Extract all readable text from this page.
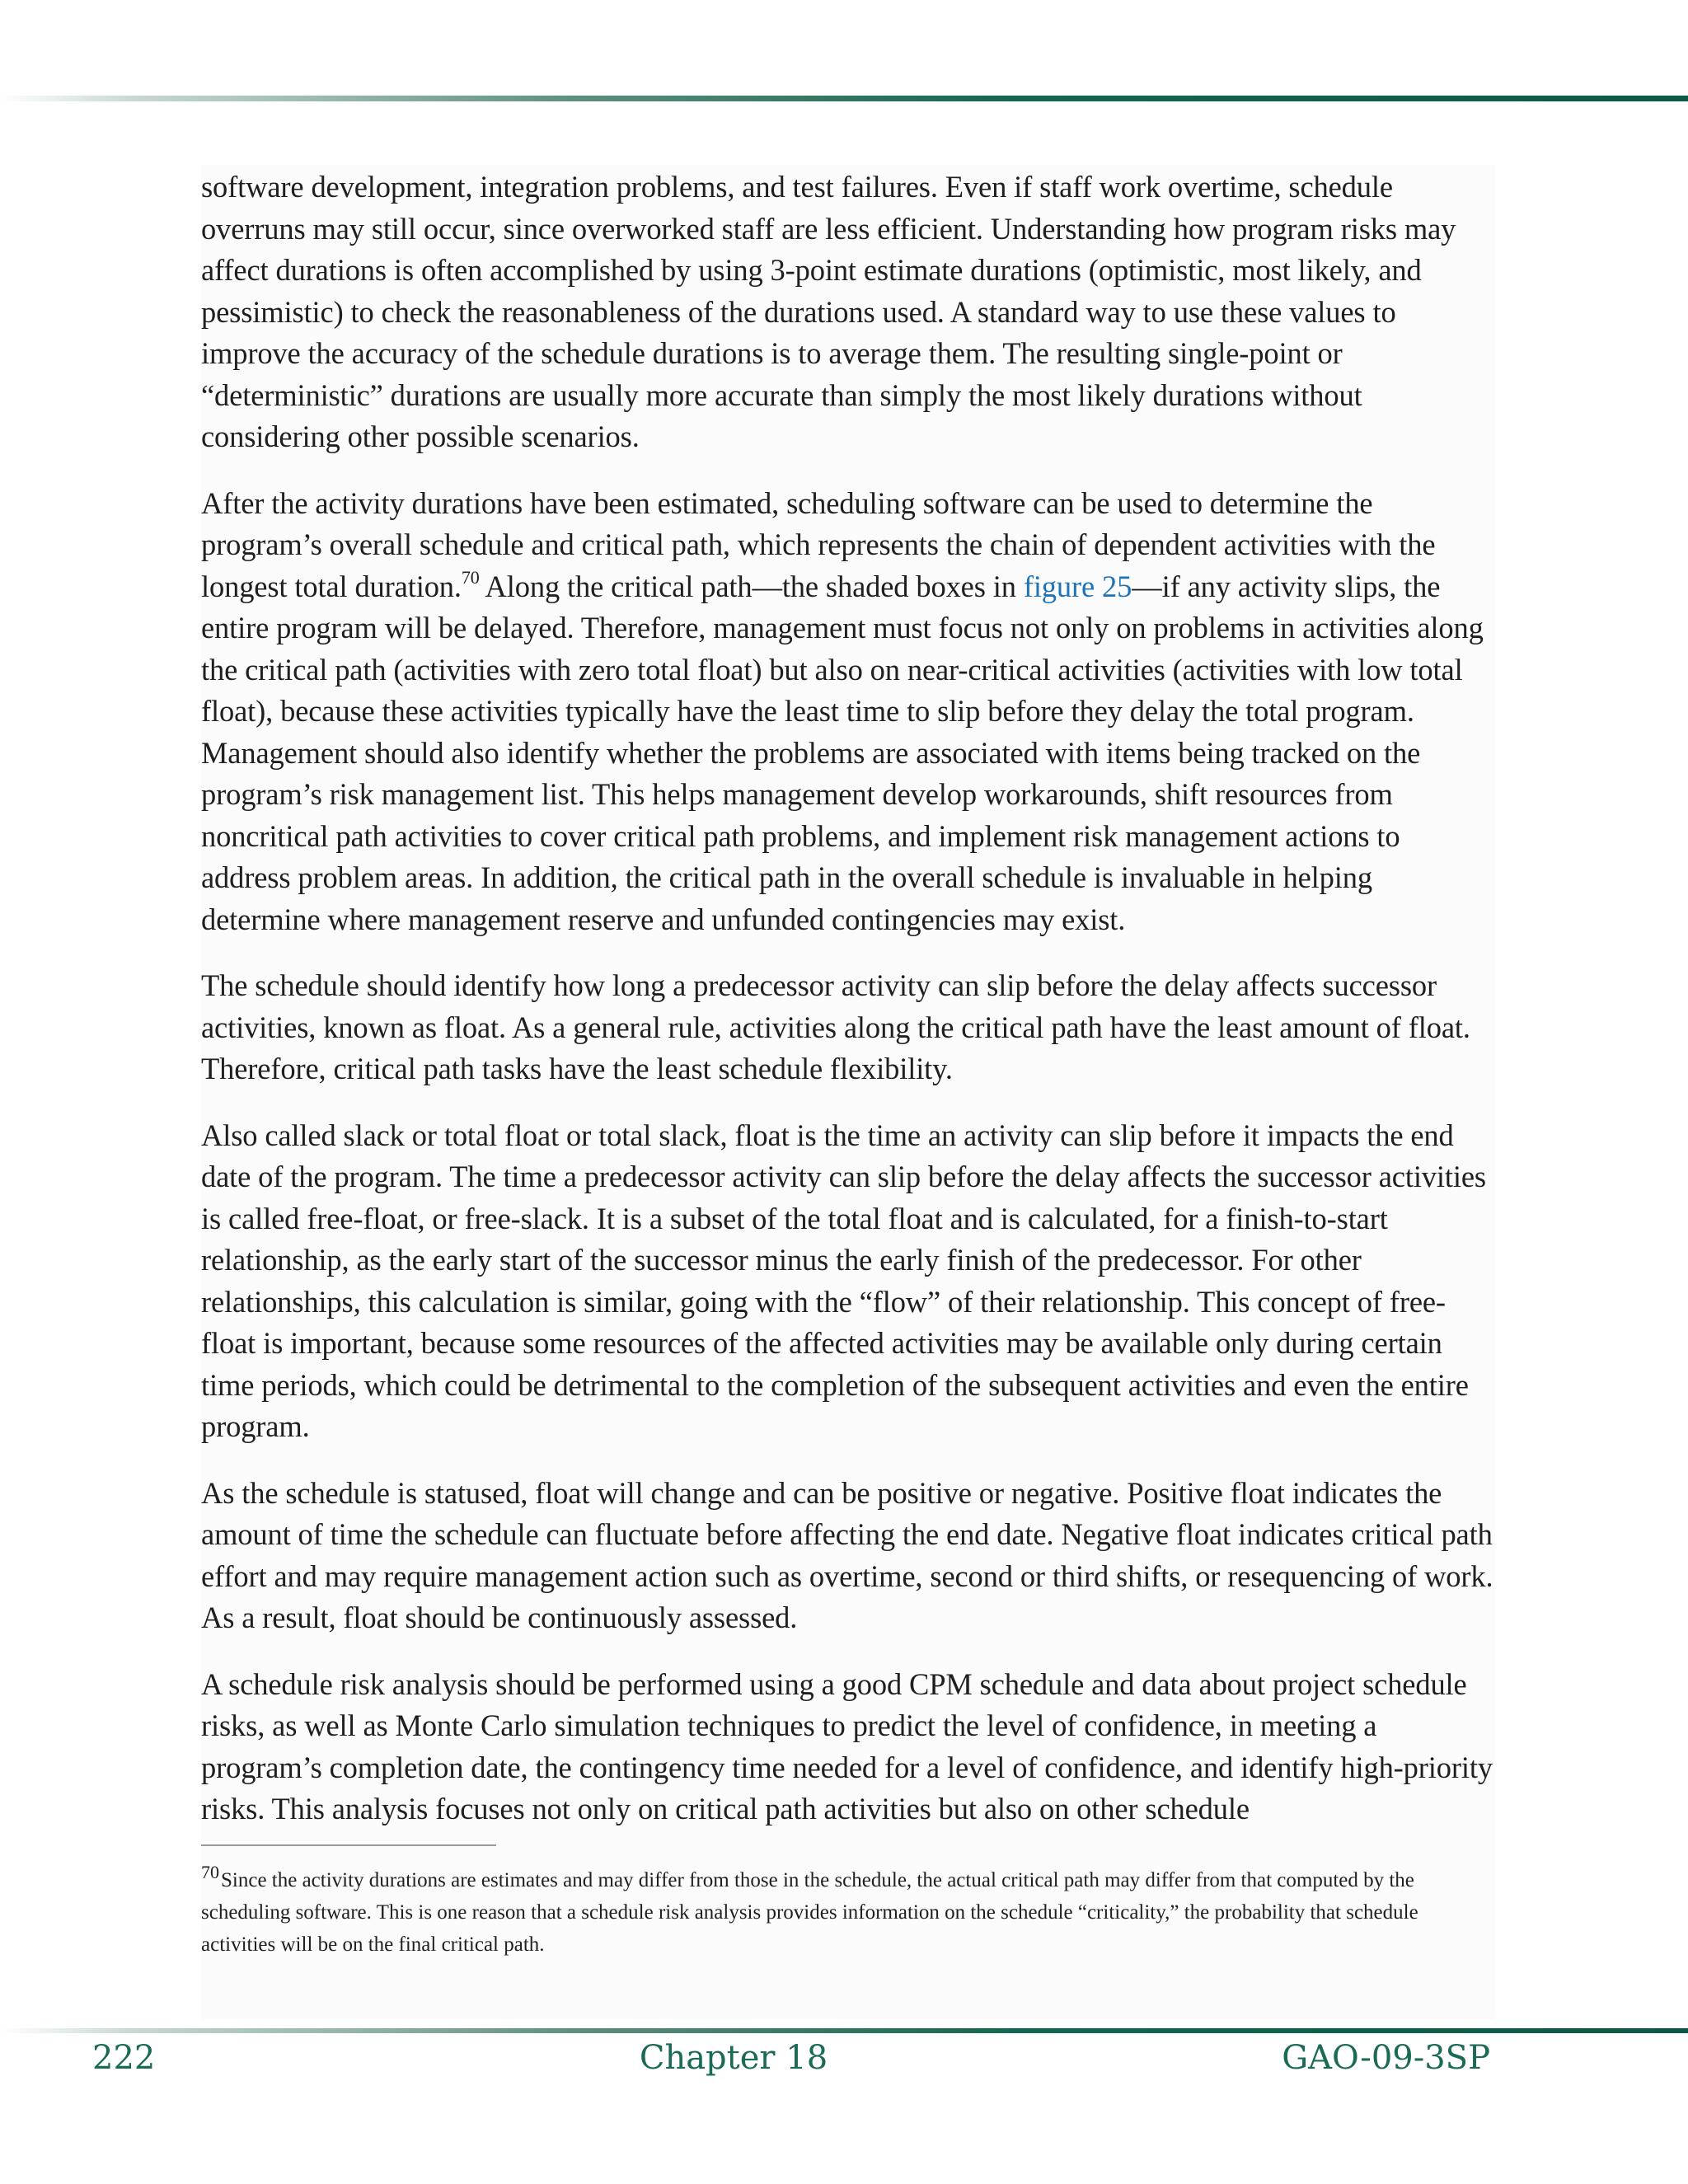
software development, integration problems, and test failures. Even if staff work overtime, schedule overruns may still occur, since overworked staff are less efficient. Understanding how program risks may affect durations is often accomplished by using 3-point estimate durations (optimistic, most likely, and pessimistic) to check the reasonableness of the durations used. A standard way to use these values to improve the accuracy of the schedule durations is to average them. The resulting single-point or “deterministic” durations are usually more accurate than simply the most likely durations without considering other possible scenarios.

After the activity durations have been estimated, scheduling software can be used to determine the program’s overall schedule and critical path, which represents the chain of dependent activities with the longest total duration.$^{70}$ Along the critical path—the shaded boxes in figure 25—if any activity slips, the entire program will be delayed. Therefore, management must focus not only on problems in activities along the critical path (activities with zero total float) but also on near-critical activities (activities with low total float), because these activities typically have the least time to slip before they delay the total program. Management should also identify whether the problems are associated with items being tracked on the program’s risk management list. This helps management develop workarounds, shift resources from noncritical path activities to cover critical path problems, and implement risk management actions to address problem areas. In addition, the critical path in the overall schedule is invaluable in helping determine where management reserve and unfunded contingencies may exist.

The schedule should identify how long a predecessor activity can slip before the delay affects successor activities, known as float. As a general rule, activities along the critical path have the least amount of float. Therefore, critical path tasks have the least schedule flexibility.

Also called slack or total float or total slack, float is the time an activity can slip before it impacts the end date of the program. The time a predecessor activity can slip before the delay affects the successor activities is called free-float, or free-slack. It is a subset of the total float and is calculated, for a finish-to-start relationship, as the early start of the successor minus the early finish of the predecessor. For other relationships, this calculation is similar, going with the “flow” of their relationship. This concept of free-float is important, because some resources of the affected activities may be available only during certain time periods, which could be detrimental to the completion of the subsequent activities and even the entire program.

As the schedule is statused, float will change and can be positive or negative. Positive float indicates the amount of time the schedule can fluctuate before affecting the end date. Negative float indicates critical path effort and may require management action such as overtime, second or third shifts, or resequencing of work. As a result, float should be continuously assessed.

A schedule risk analysis should be performed using a good CPM schedule and data about project schedule risks, as well as Monte Carlo simulation techniques to predict the level of confidence, in meeting a program’s completion date, the contingency time needed for a level of confidence, and identify high-priority risks. This analysis focuses not only on critical path activities but also on other schedule

70Since the activity durations are estimates and may differ from those in the schedule, the actual critical path may differ from that computed by the scheduling software. This is one reason that a schedule risk analysis provides information on the schedule “criticality,” the probability that schedule activities will be on the final critical path.
222	Chapter 18	GAO-09-3SP
